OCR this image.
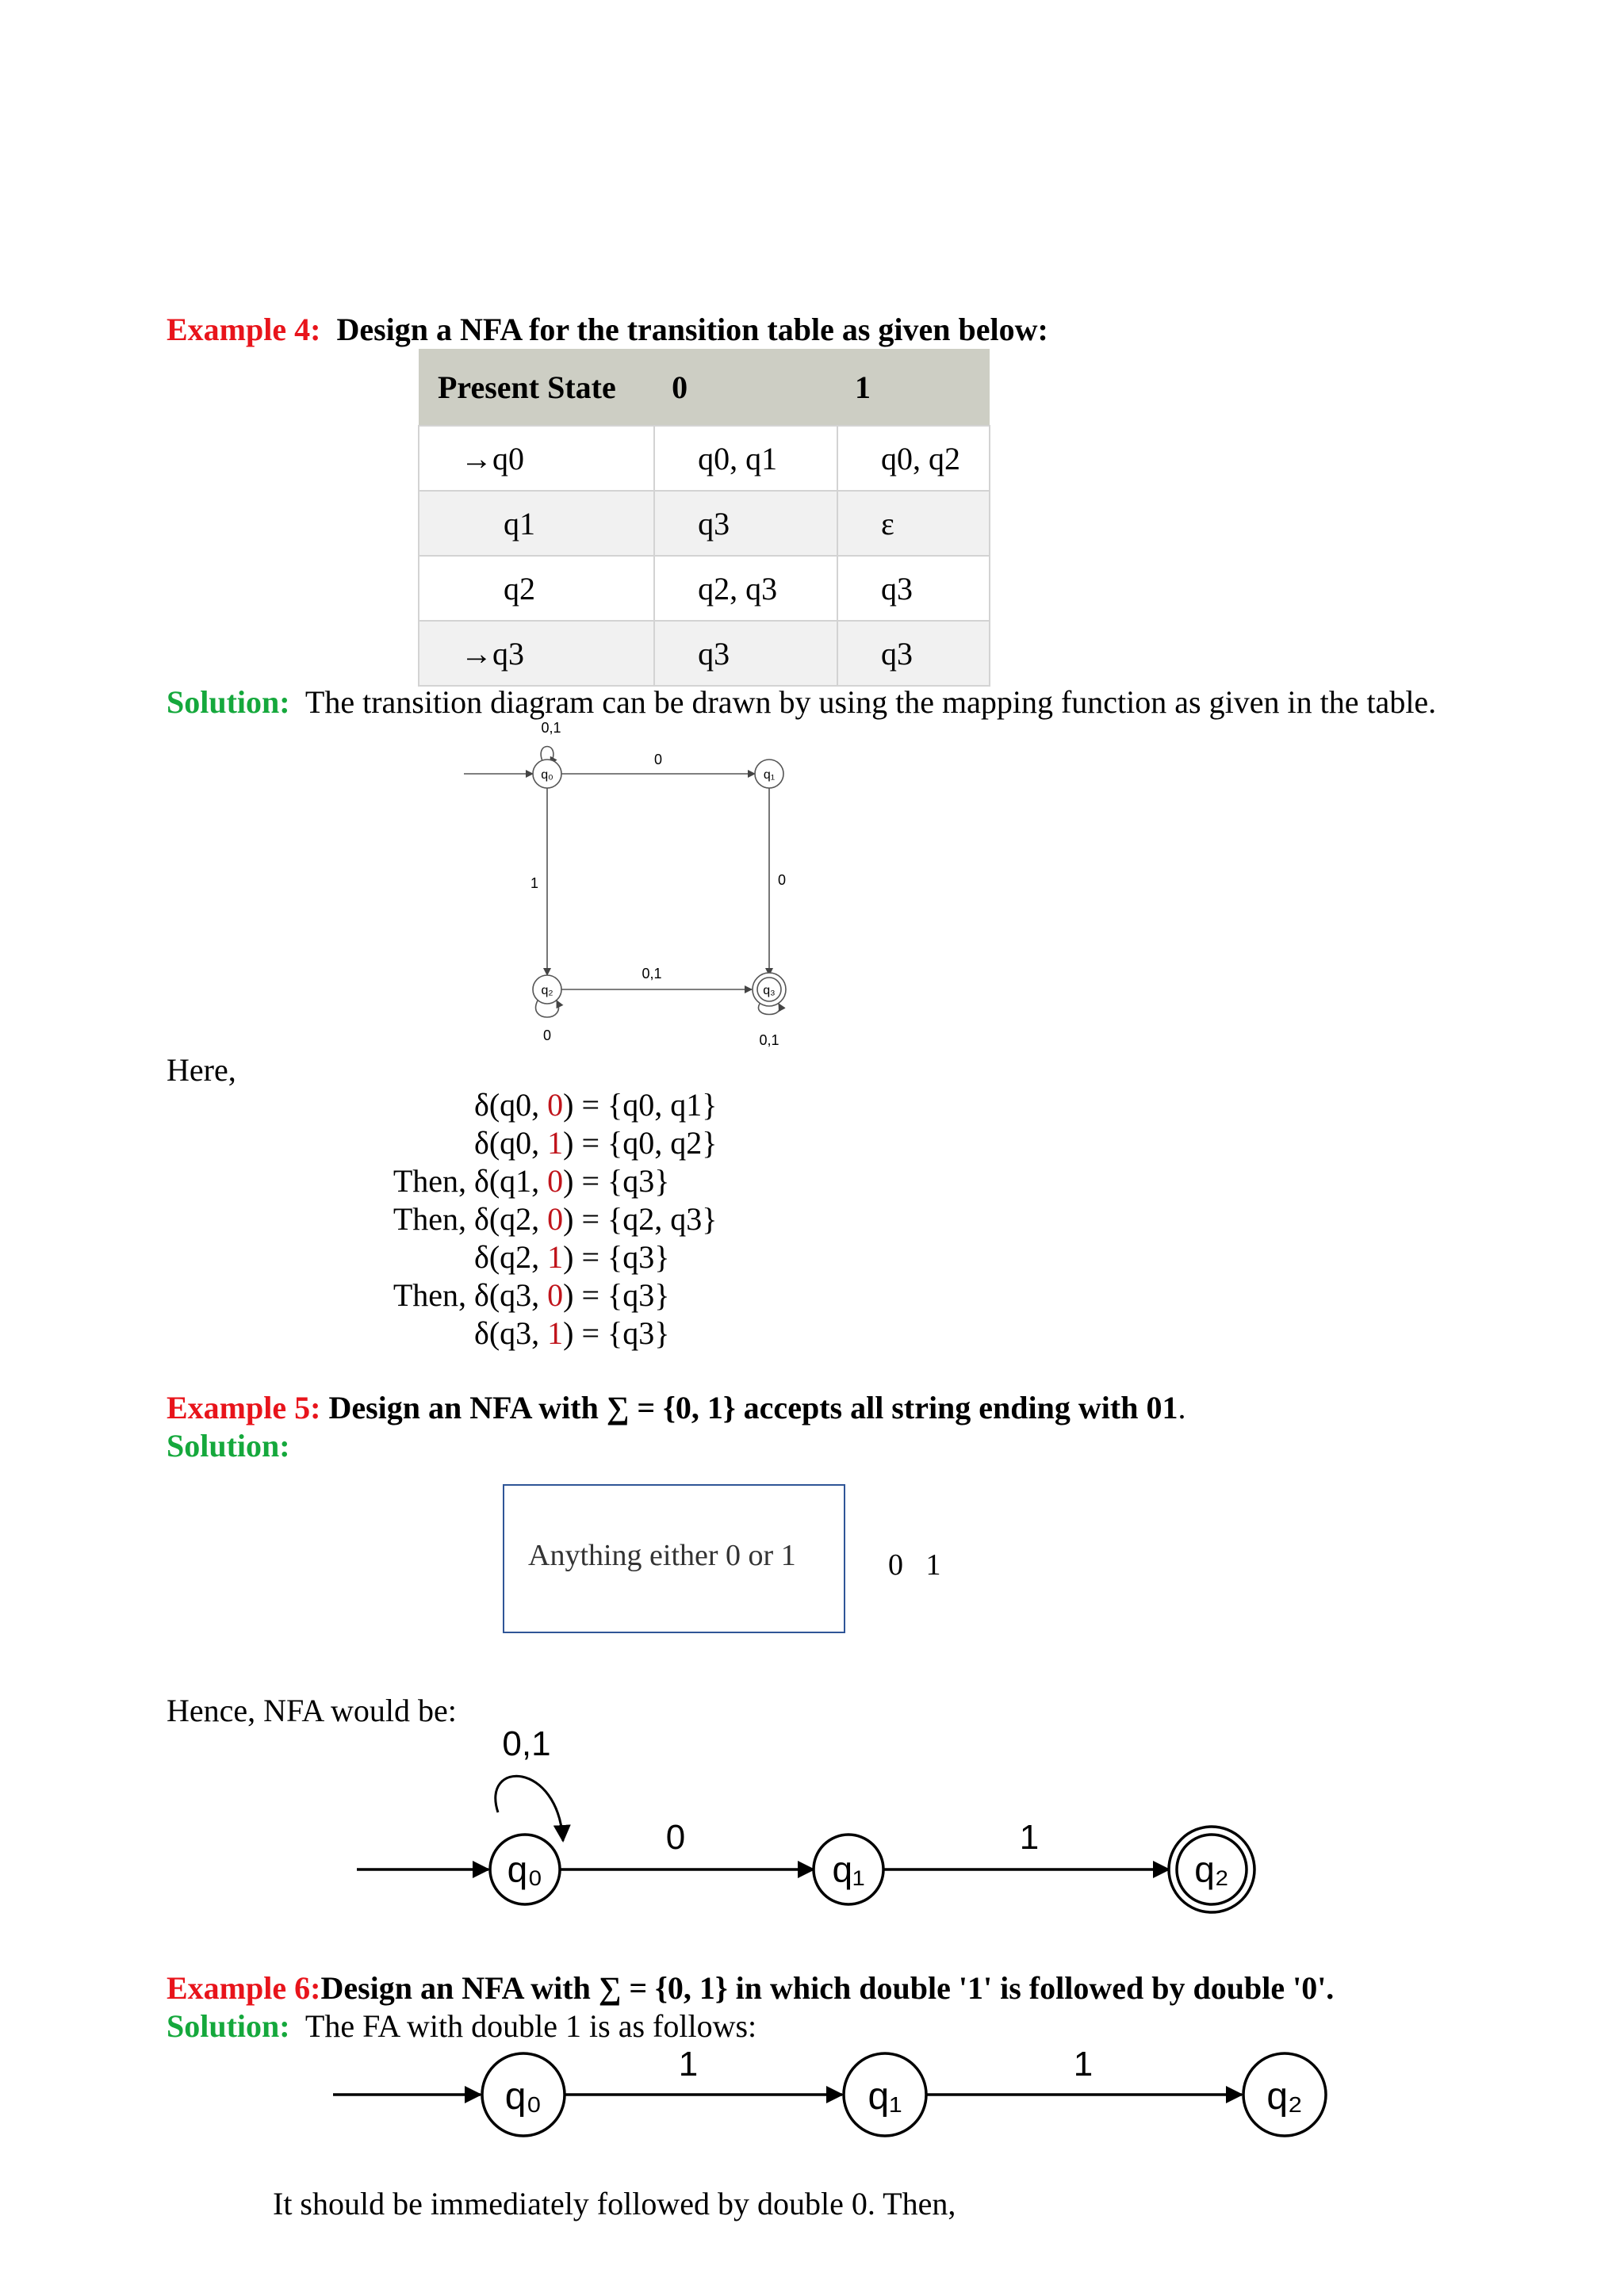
Example 4: Design a NFA for the transition table as given below:
Present State	0	1
→q0	q0, q1	q0, q2
q1	q3	ε
q2	q2, q3	q3
→q3	q3	q3
Solution: The transition diagram can be drawn by using the mapping function as given in the table.
0,1
q₀
0
q₁
1	0
q₂
0
0,1
q₃
0,1
Here,
δ(q0, 0) = {q0, q1}
δ(q0, 1) = {q0, q2}
Then, δ(q1, 0) = {q3}
Then, δ(q2, 0) = {q2, q3}
δ(q2, 1) = {q3}
Then, δ(q3, 0) = {q3}
δ(q3, 1) = {q3}
Example 5: Design an NFA with ∑ = {0, 1} accepts all string ending with 01.
Solution:
Anything either 0 or 1	0   1
Hence, NFA would be:
0,1
q₀
0
q₁
1
q₂
Example 6:Design an NFA with ∑ = {0, 1} in which double '1' is followed by double '0'.
Solution: The FA with double 1 is as follows:
q₀
1
q₁
1
q₂
It should be immediately followed by double 0. Then,
